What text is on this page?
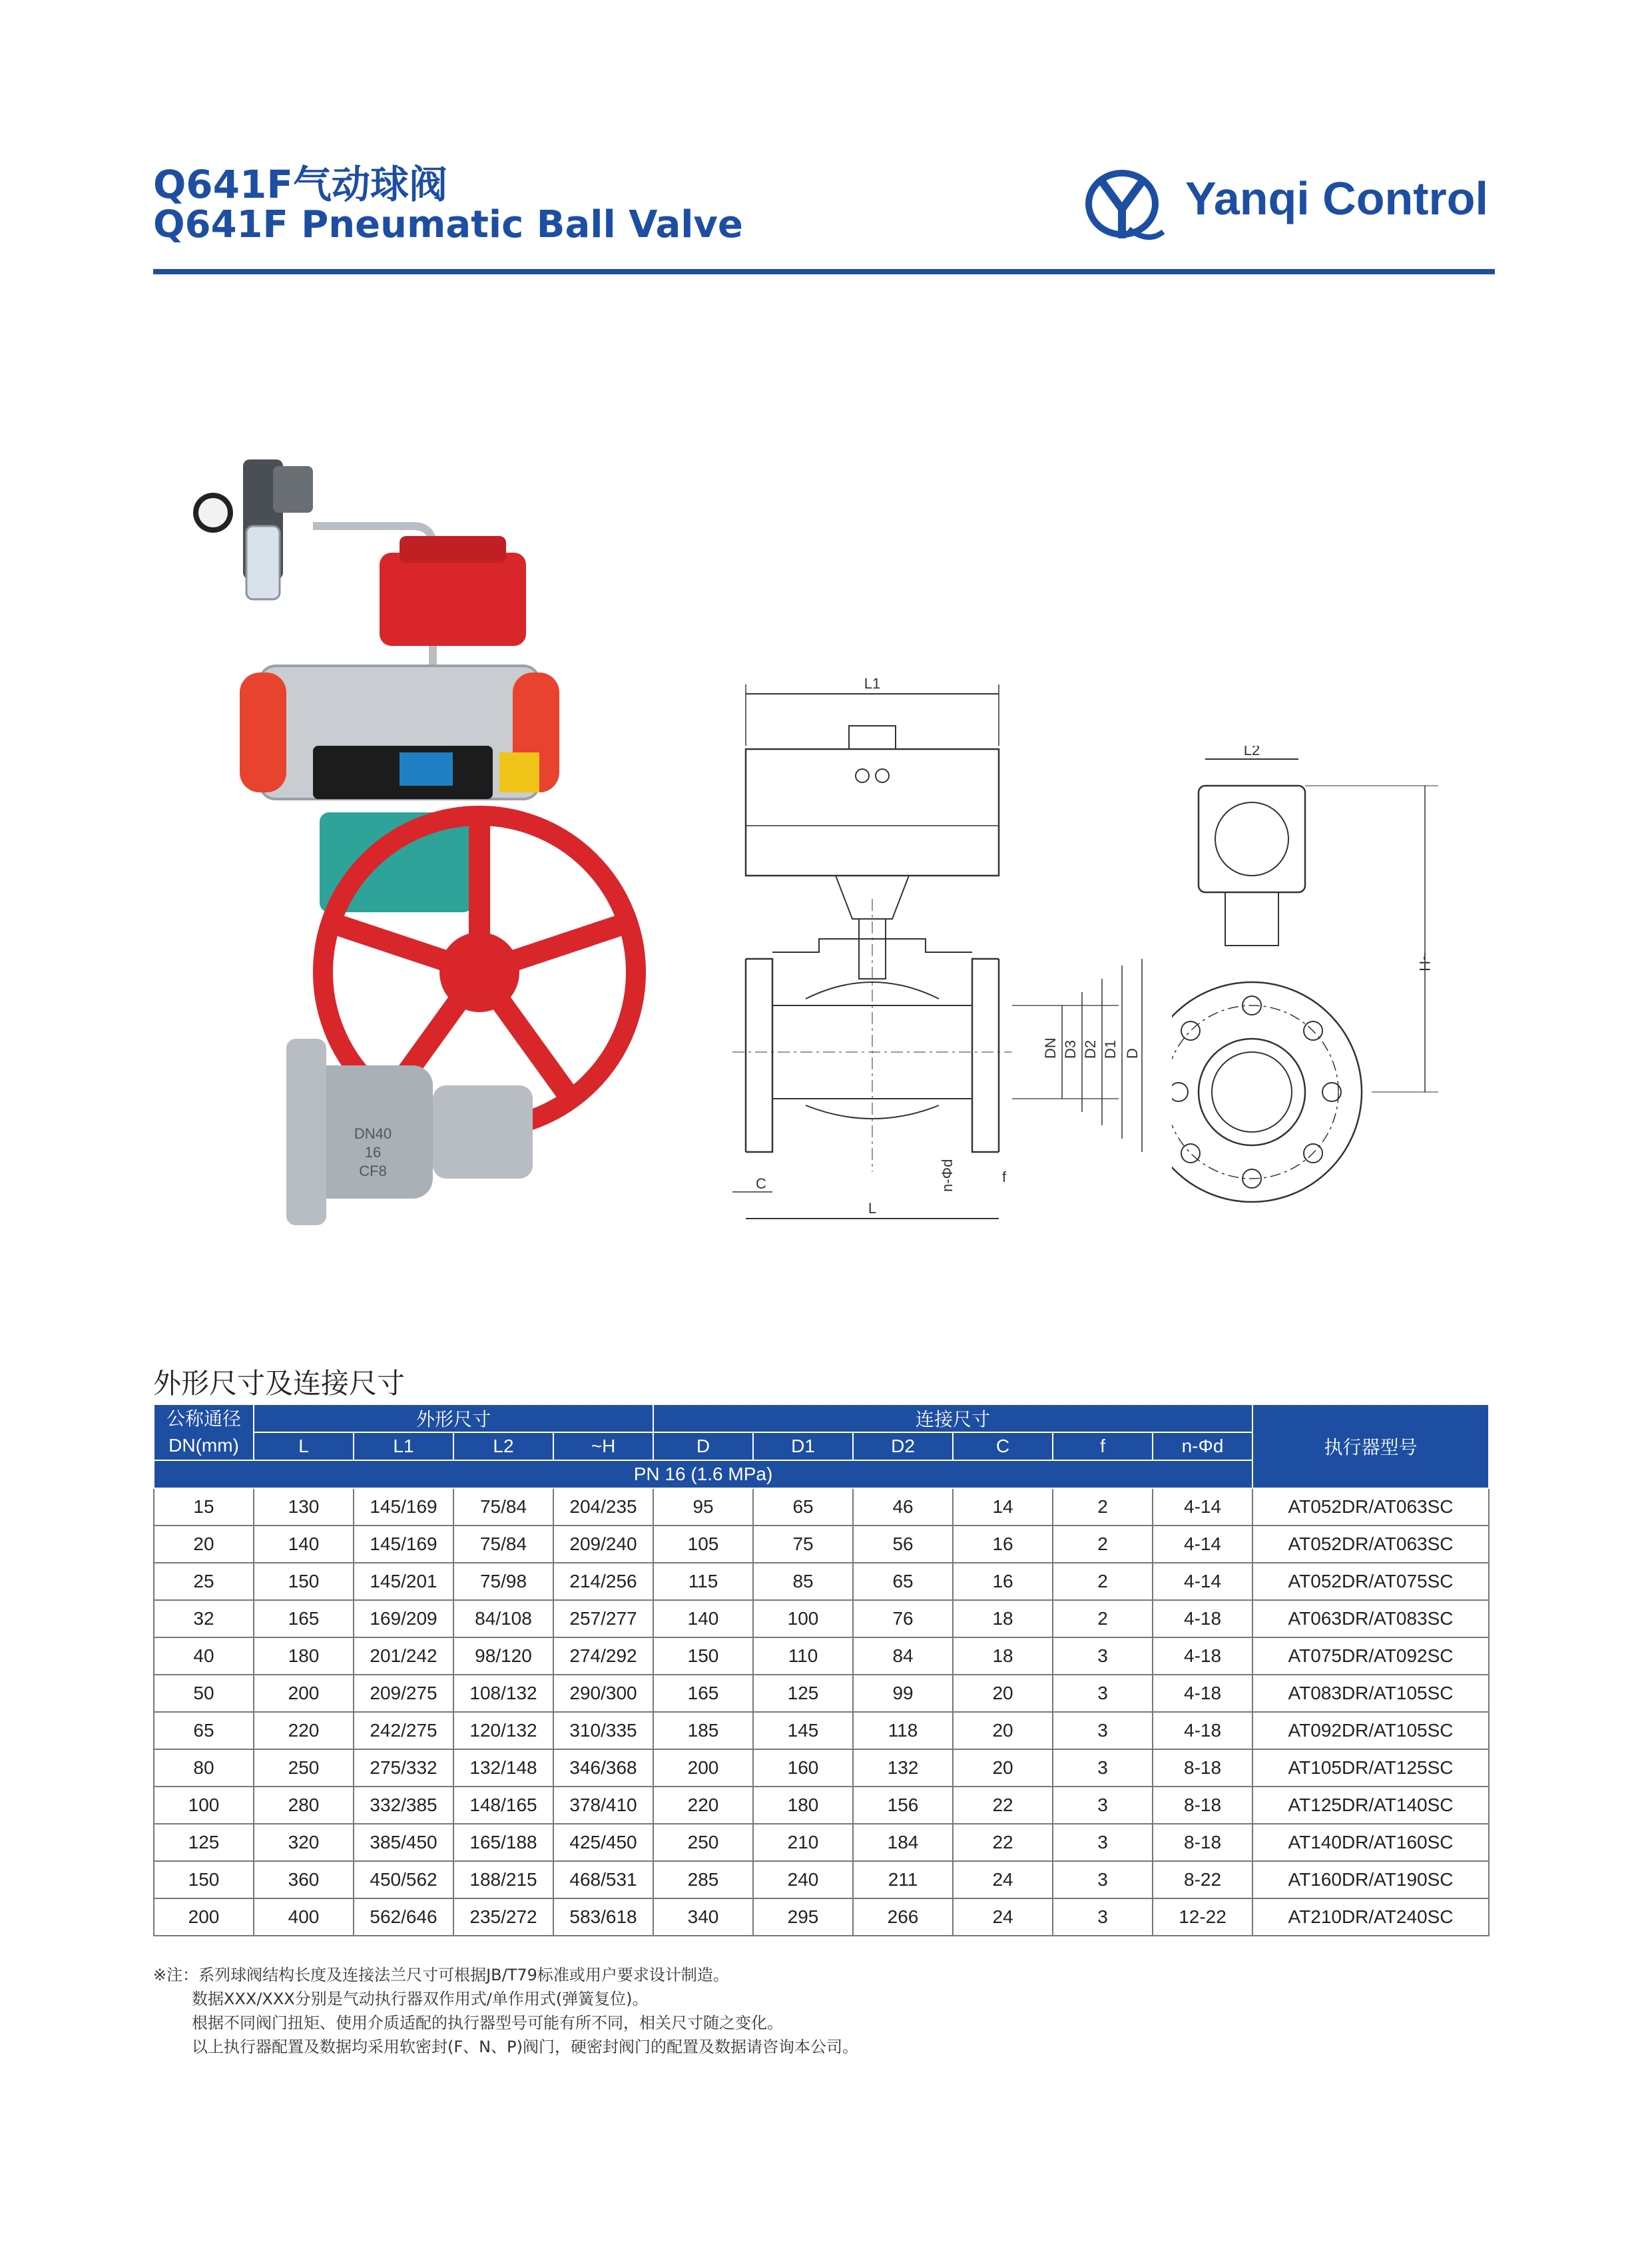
Q641F气动球阀
Q641F Pneumatic Ball Valve
Yanqi Control
DN40
16
CF8
L1
DN D3 D2 D1 D
C	n-Φd	f
L
L2
~H
外形尺寸及连接尺寸
公称通径
DN(mm)	外形尺寸				连接尺寸						执行器型号
	L	L1	L2	~H	D	D1	D2	C	f	n-Φd	
PN 16 (1.6 MPa)											
15	130	145/169	75/84	204/235	95	65	46	14	2	4-14	AT052DR/AT063SC
20	140	145/169	75/84	209/240	105	75	56	16	2	4-14	AT052DR/AT063SC
25	150	145/201	75/98	214/256	115	85	65	16	2	4-14	AT052DR/AT075SC
32	165	169/209	84/108	257/277	140	100	76	18	2	4-18	AT063DR/AT083SC
40	180	201/242	98/120	274/292	150	110	84	18	3	4-18	AT075DR/AT092SC
50	200	209/275	108/132	290/300	165	125	99	20	3	4-18	AT083DR/AT105SC
65	220	242/275	120/132	310/335	185	145	118	20	3	4-18	AT092DR/AT105SC
80	250	275/332	132/148	346/368	200	160	132	20	3	8-18	AT105DR/AT125SC
100	280	332/385	148/165	378/410	220	180	156	22	3	8-18	AT125DR/AT140SC
125	320	385/450	165/188	425/450	250	210	184	22	3	8-18	AT140DR/AT160SC
150	360	450/562	188/215	468/531	285	240	211	24	3	8-22	AT160DR/AT190SC
200	400	562/646	235/272	583/618	340	295	266	24	3	12-22	AT210DR/AT240SC
※注：系列球阀结构长度及连接法兰尺寸可根据JB/T79标准或用户要求设计制造。
数据XXX/XXX分别是气动执行器双作用式/单作用式(弹簧复位)。
根据不同阀门扭矩、使用介质适配的执行器型号可能有所不同，相关尺寸随之变化。
以上执行器配置及数据均采用软密封(F、N、P)阀门，硬密封阀门的配置及数据请咨询本公司。
